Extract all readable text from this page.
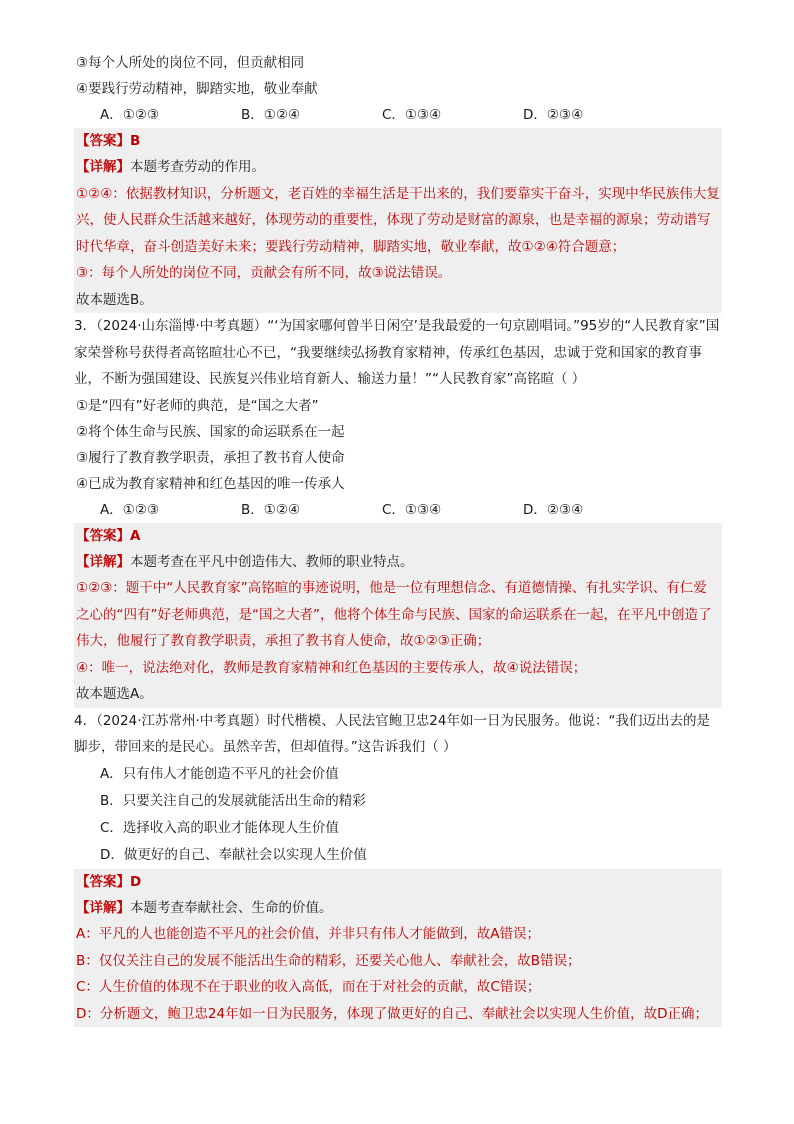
③每个人所处的岗位不同，但贡献相同
④要践行劳动精神，脚踏实地，敬业奉献
A．①②③	B．①②④	C．①③④	D．②③④
【答案】B
【详解】本题考查劳动的作用。
①②④：依据教材知识，分析题文，老百姓的幸福生活是干出来的，我们要靠实干奋斗，实现中华民族伟大复兴，使人民群众生活越来越好，体现劳动的重要性，体现了劳动是财富的源泉，也是幸福的源泉；劳动谱写时代华章，奋斗创造美好未来；要践行劳动精神，脚踏实地，敬业奉献，故①②④符合题意；
③：每个人所处的岗位不同，贡献会有所不同，故③说法错误。
故本题选B。
3．（2024·山东淄博·中考真题）“‘为国家哪何曾半日闲空’是我最爱的一句京剧唱词。”95岁的“人民教育家”国家荣誉称号获得者高铭暄壮心不已，“我要继续弘扬教育家精神，传承红色基因，忠诚于党和国家的教育事业，不断为强国建设、民族复兴伟业培育新人、输送力量！”“人民教育家”高铭暄（ ）
①是“四有”好老师的典范，是“国之大者”
②将个体生命与民族、国家的命运联系在一起
③履行了教育教学职责，承担了教书育人使命
④已成为教育家精神和红色基因的唯一传承人
A．①②③	B．①②④	C．①③④	D．②③④
【答案】A
【详解】本题考查在平凡中创造伟大、教师的职业特点。
①②③：题干中“人民教育家”高铭暄的事迹说明，他是一位有理想信念、有道德情操、有扎实学识、有仁爱之心的“四有”好老师典范，是“国之大者”，他将个体生命与民族、国家的命运联系在一起，在平凡中创造了伟大，他履行了教育教学职责，承担了教书育人使命，故①②③正确；
④：唯一，说法绝对化，教师是教育家精神和红色基因的主要传承人，故④说法错误；
故本题选A。
4．（2024·江苏常州·中考真题）时代楷模、人民法官鲍卫忠24年如一日为民服务。他说：“我们迈出去的是脚步，带回来的是民心。虽然辛苦，但却值得。”这告诉我们（ ）
A．只有伟人才能创造不平凡的社会价值
B．只要关注自己的发展就能活出生命的精彩
C．选择收入高的职业才能体现人生价值
D．做更好的自己、奉献社会以实现人生价值
【答案】D
【详解】本题考查奉献社会、生命的价值。
A：平凡的人也能创造不平凡的社会价值，并非只有伟人才能做到，故A错误；
B：仅仅关注自己的发展不能活出生命的精彩，还要关心他人、奉献社会，故B错误；
C：人生价值的体现不在于职业的收入高低，而在于对社会的贡献，故C错误；
D：分析题文，鲍卫忠24年如一日为民服务，体现了做更好的自己、奉献社会以实现人生价值，故D正确；
